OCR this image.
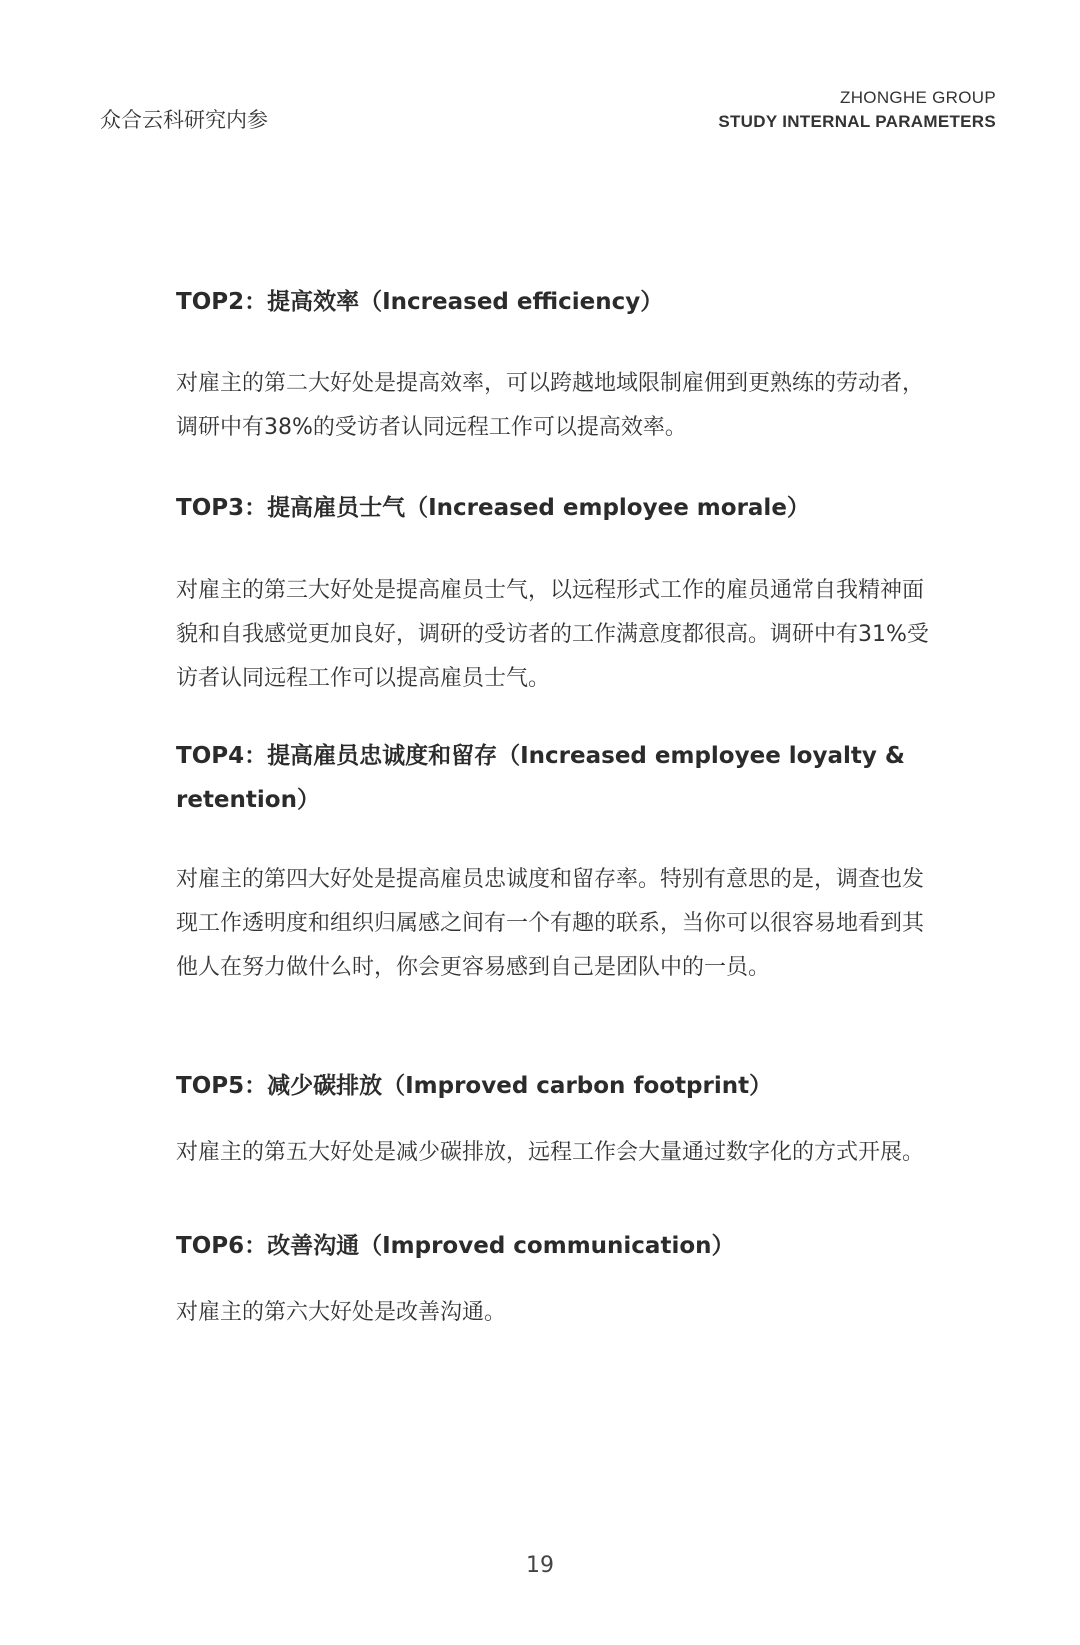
众合云科研究内参
ZHONGHE GROUP
STUDY INTERNAL PARAMETERS
TOP2：提高效率（Increased efficiency）
对雇主的第二大好处是提高效率，可以跨越地域限制雇佣到更熟练的劳动者，调研中有38%的受访者认同远程工作可以提高效率。
TOP3：提高雇员士气（Increased employee morale）
对雇主的第三大好处是提高雇员士气，以远程形式工作的雇员通常自我精神面貌和自我感觉更加良好，调研的受访者的工作满意度都很高。调研中有31%受访者认同远程工作可以提高雇员士气。
TOP4：提高雇员忠诚度和留存（Increased employee loyalty & retention）
对雇主的第四大好处是提高雇员忠诚度和留存率。特别有意思的是，调查也发现工作透明度和组织归属感之间有一个有趣的联系，当你可以很容易地看到其他人在努力做什么时，你会更容易感到自己是团队中的一员。
TOP5：减少碳排放（Improved carbon footprint）
对雇主的第五大好处是减少碳排放，远程工作会大量通过数字化的方式开展。
TOP6：改善沟通（Improved communication）
对雇主的第六大好处是改善沟通。
19
